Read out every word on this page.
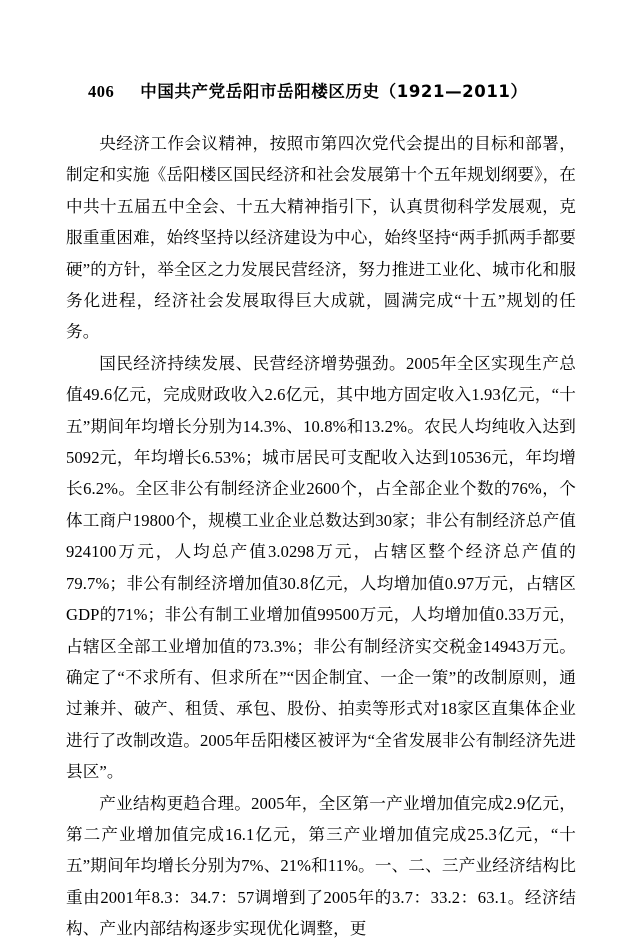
406 中国共产党岳阳市岳阳楼区历史（1921—2011）

央经济工作会议精神，按照市第四次党代会提出的目标和部署，制定和实施《岳阳楼区国民经济和社会发展第十个五年规划纲要》，在中共十五届五中全会、十五大精神指引下，认真贯彻科学发展观，克服重重困难，始终坚持以经济建设为中心，始终坚持“两手抓两手都要硬”的方针，举全区之力发展民营经济，努力推进工业化、城市化和服务化进程，经济社会发展取得巨大成就，圆满完成“十五”规划的任务。

国民经济持续发展、民营经济增势强劲。2005年全区实现生产总值49.6亿元，完成财政收入2.6亿元，其中地方固定收入1.93亿元，“十五”期间年均增长分别为14.3%、10.8%和13.2%。农民人均纯收入达到5092元，年均增长6.53%；城市居民可支配收入达到10536元，年均增长6.2%。全区非公有制经济企业2600个，占全部企业个数的76%，个体工商户19800个，规模工业企业总数达到30家；非公有制经济总产值924100万元，人均总产值3.0298万元，占辖区整个经济总产值的79.7%；非公有制经济增加值30.8亿元，人均增加值0.97万元，占辖区GDP的71%；非公有制工业增加值99500万元，人均增加值0.33万元，占辖区全部工业增加值的73.3%；非公有制经济实交税金14943万元。确定了“不求所有、但求所在”“因企制宜、一企一策”的改制原则，通过兼并、破产、租赁、承包、股份、拍卖等形式对18家区直集体企业进行了改制改造。2005年岳阳楼区被评为“全省发展非公有制经济先进县区”。

产业结构更趋合理。2005年，全区第一产业增加值完成2.9亿元，第二产业增加值完成16.1亿元，第三产业增加值完成25.3亿元，“十五”期间年均增长分别为7%、21%和11%。一、二、三产业经济结构比重由2001年8.3：34.7：57调增到了2005年的3.7：33.2：63.1。经济结构、产业内部结构逐步实现优化调整，更
